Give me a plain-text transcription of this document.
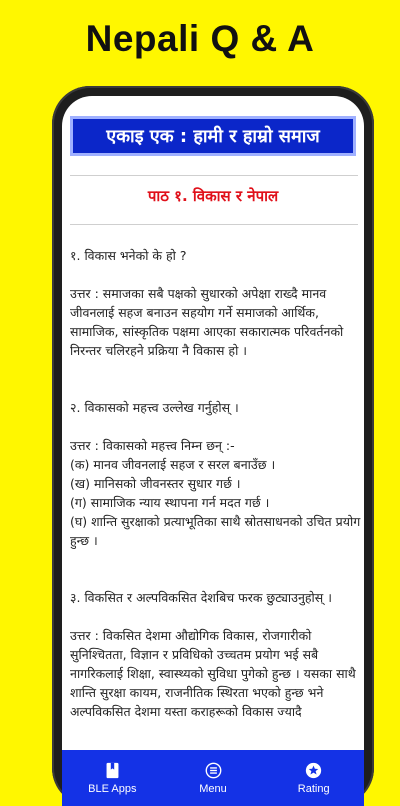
Nepali Q & A
एकाइ एक : हामी र हाम्रो समाज
पाठ १. विकास र नेपाल

१. विकास भनेको के हो ?

उत्तर : समाजका सबै पक्षको सुधारको अपेक्षा राख्दै मानव जीवनलाई सहज बनाउन सहयोग गर्ने समाजको आर्थिक, सामाजिक, सांस्कृतिक पक्षमा आएका सकारात्मक परिवर्तनको निरन्तर चलिरहने प्रक्रिया नै विकास हो ।

२. विकासको महत्त्व उल्लेख गर्नुहोस् ।

उत्तर : विकासको महत्त्व निम्न छन् :-

(क) मानव जीवनलाई सहज र सरल बनाउँछ ।

(ख) मानिसको जीवनस्तर सुधार गर्छ ।

(ग) सामाजिक न्याय स्थापना गर्न मदत गर्छ ।

(घ) शान्ति सुरक्षाको प्रत्याभूतिका साथै स्रोतसाधनको उचित प्रयोग हुन्छ ।

३. विकसित र अल्पविकसित देशबिच फरक छुट्याउनुहोस् ।

उत्तर : विकसित देशमा औद्योगिक विकास, रोजगारीको सुनिश्चितता, विज्ञान र प्रविधिको उच्चतम प्रयोग भई सबै नागरिकलाई शिक्षा, स्वास्थ्यको सुविधा पुगेको हुन्छ । यसका साथै शान्ति सुरक्षा कायम, राजनीतिक स्थिरता भएको हुन्छ भने अल्पविकसित देशमा यस्ता कराहरूको विकास ज्यादै

BLE Apps	Menu	Rating
